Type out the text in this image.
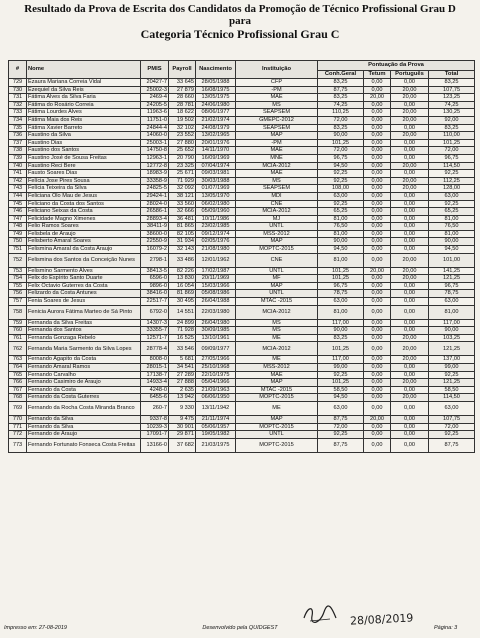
Resultado da Prova de Escrita dos Candidatos da Promoção de Técnico Profissional Grau D
para
Categoria Técnico Profissional Grau C
#	Nome	PMIS	Payroll	Nascimento	Instituição	Pontuação da Prova			
						Conh.Geral	Tetum	Português	Total
729	Ezaura Mariana Correia Vidal	20427-7	33 645	28/05/1988	CFP	83,25	0,00	0,00	83,25
730	Ezequiel da Silva Reis	25002-3	27 879	16/08/1975	-PM	87,75	0,00	20,00	107,75
731	Fátima Alves da Silva Faria	2469-4	28 660	13/05/1975	MAE	83,25	20,00	20,00	123,25
732	Fátima do Rosário Correia	24205-5	28 781	24/06/1980	MS	74,25	0,00	0,00	74,25
733	Fátima Lourdes Alves	11963-6	18 622	08/06/1977	SEAPSEM	110,25	0,00	20,00	130,25
734	Fátima Maia dos Reis	11751-0	19 502	21/02/1974	GMEPC-2012	72,00	0,00	20,00	92,00
735	Fátima Xavier Barreto	24844-4	32 102	24/08/1979	SEAPSEM	83,25	0,00	0,00	83,25
736	Faustino da Silva	14060-0	23 552	13/02/1965	MAP	90,00	0,00	20,00	110,00
737	Faustino Dias	25003-1	27 880	20/01/1976	-PM	101,25	0,00	0,00	101,25
738	Faustino dos Santos	14750-8	25 652	14/11/1970	MAE	72,00	0,00	0,00	72,00
739	Faustino José de Sousa Freitas	12963-1	20 790	16/09/1969	MNE	96,75	0,00	0,00	96,75
740	Faustino Reci Bere	12772-8	23 325	07/04/1974	MCIA-2012	94,50	0,00	20,00	114,50
741	Fausto Soares Dias	18983-9	25 671	09/03/1981	MAE	92,25	0,00	0,00	92,25
742	Felícia Jose Pires Sousa	33358-9	71 929	30/03/1988	MS	92,25	0,00	20,00	112,25
743	Felícia Teixeira da Silva	24825-5	32 092	01/07/1969	SEAPSEM	108,00	0,00	20,00	128,00
744	Feliciana Olo Mau de Jesus	29424-1	38 121	13/05/1970	MDI	63,00	0,00	0,00	63,00
745	Feliciano da Costa dos Santos	28024-0	33 560	06/02/1980	CNE	92,25	0,00	0,00	92,25
746	Feliciano Seixas da Costa	26586-1	32 666	05/09/1960	MCIA-2012	65,25	0,00	0,00	65,25
747	Felicidade Magno Ximenes	28893-4	36 481	10/11/1986	MJ	81,00	0,00	0,00	81,00
748	Felio Ramos Soares	38411-9	81 865	23/02/1985	UNTL	76,50	0,00	0,00	76,50
749	Felisbela de Araujo	38600-0	82 105	09/12/1974	MSS-2012	81,00	0,00	0,00	81,00
750	Felisberto Amaral Soares	22550-9	31 934	02/05/1976	MAP	90,00	0,00	0,00	90,00
751	Felismina Amaral da Costa Araujo	16079-2	32 143	21/08/1980	MOPTC-2015	94,50	0,00	0,00	94,50
752	Felismina dos Santos da Conceição Nunes	2798-1	33 486	12/01/1962	CNE	81,00	0,00	20,00	101,00
753	Felismino Sarmento Alves	38413-5	82 226	17/02/1987	UNTL	101,25	20,00	20,00	141,25
754	Felix do Espírito Santo Duarte	6596-0	13 830	20/11/1969	MF	101,25	0,00	20,00	121,25
755	Felix Octavio Guterres da Costa	9896-0	16 054	15/03/1966	MAP	96,75	0,00	0,00	96,75
756	Felizardo da Costa Antunes	38416-0	81 869	05/08/1986	UNTL	78,75	0,00	0,00	78,75
757	Fenia Soares de Jesus	22517-7	30 495	26/04/1988	MTAC -2015	63,00	0,00	0,00	63,00
758	Fenicia Aurora Fátima Marteo de Sá Pinto	6792-0	14 551	22/03/1980	MCIA-2012	81,00	0,00	0,00	81,00
759	Fernanda da Silva Freitas	14307-3	24 899	26/04/1980	MS	117,00	0,00	0,00	117,00
760	Fernanda dos Santos	33355-7	71 928	30/09/1985	MS	90,00	0,00	0,00	90,00
761	Fernanda Gonzaga Rebelo	12571-7	16 525	13/10/1961	ME	83,25	0,00	20,00	103,25
762	Fernanda Maria Sarmento da Silva Lopes	28778-4	33 546	09/09/1977	MCIA-2012	101,25	0,00	20,00	121,25
763	Fernando Agapito da Costa	8008-0	5 681	27/05/1966	ME	117,00	0,00	20,00	137,00
764	Fernando Amaral Ramos	28015-1	34 541	25/10/1968	MSS-2012	99,00	0,00	0,00	99,00
765	Fernando Carvalho	17138-7	27 289	22/10/1975	MAE	92,25	0,00	0,00	92,25
766	Fernando Casimiro de Araujo	14933-4	27 888	05/04/1966	MAP	101,25	0,00	20,00	121,25
767	Fernando da Costa	4248-0	2 635	21/09/1963	MTAC -2015	58,50	0,00	0,00	58,50
768	Fernando da Costa Guterres	6455-6	13 942	06/06/1950	MOPTC-2015	94,50	0,00	20,00	114,50
769	Fernando da Rocha Costa Miranda Branco	260-7	9 330	13/11/1942	ME	63,00	0,00	0,00	63,00
770	Fernando da Silva	9337-8	9 475	21/11/1974	MAP	87,75	20,00	0,00	107,75
771	Fernando da Silva	10239-3	30 901	05/06/1957	MOPTC-2015	72,00	0,00	0,00	72,00
772	Fernando de Araujo	17091-7	29 871	19/05/1982	UNTL	92,25	0,00	0,00	92,25
773	Fernando Fortunato Fonseca Costa Freitas	13166-0	37 682	21/03/1975	MOPTC-2015	87,75	0,00	0,00	87,75
28/08/2019
Impresso em: 27-08-2019	Desenvolvido pela QUIDGEST	Página: 3
